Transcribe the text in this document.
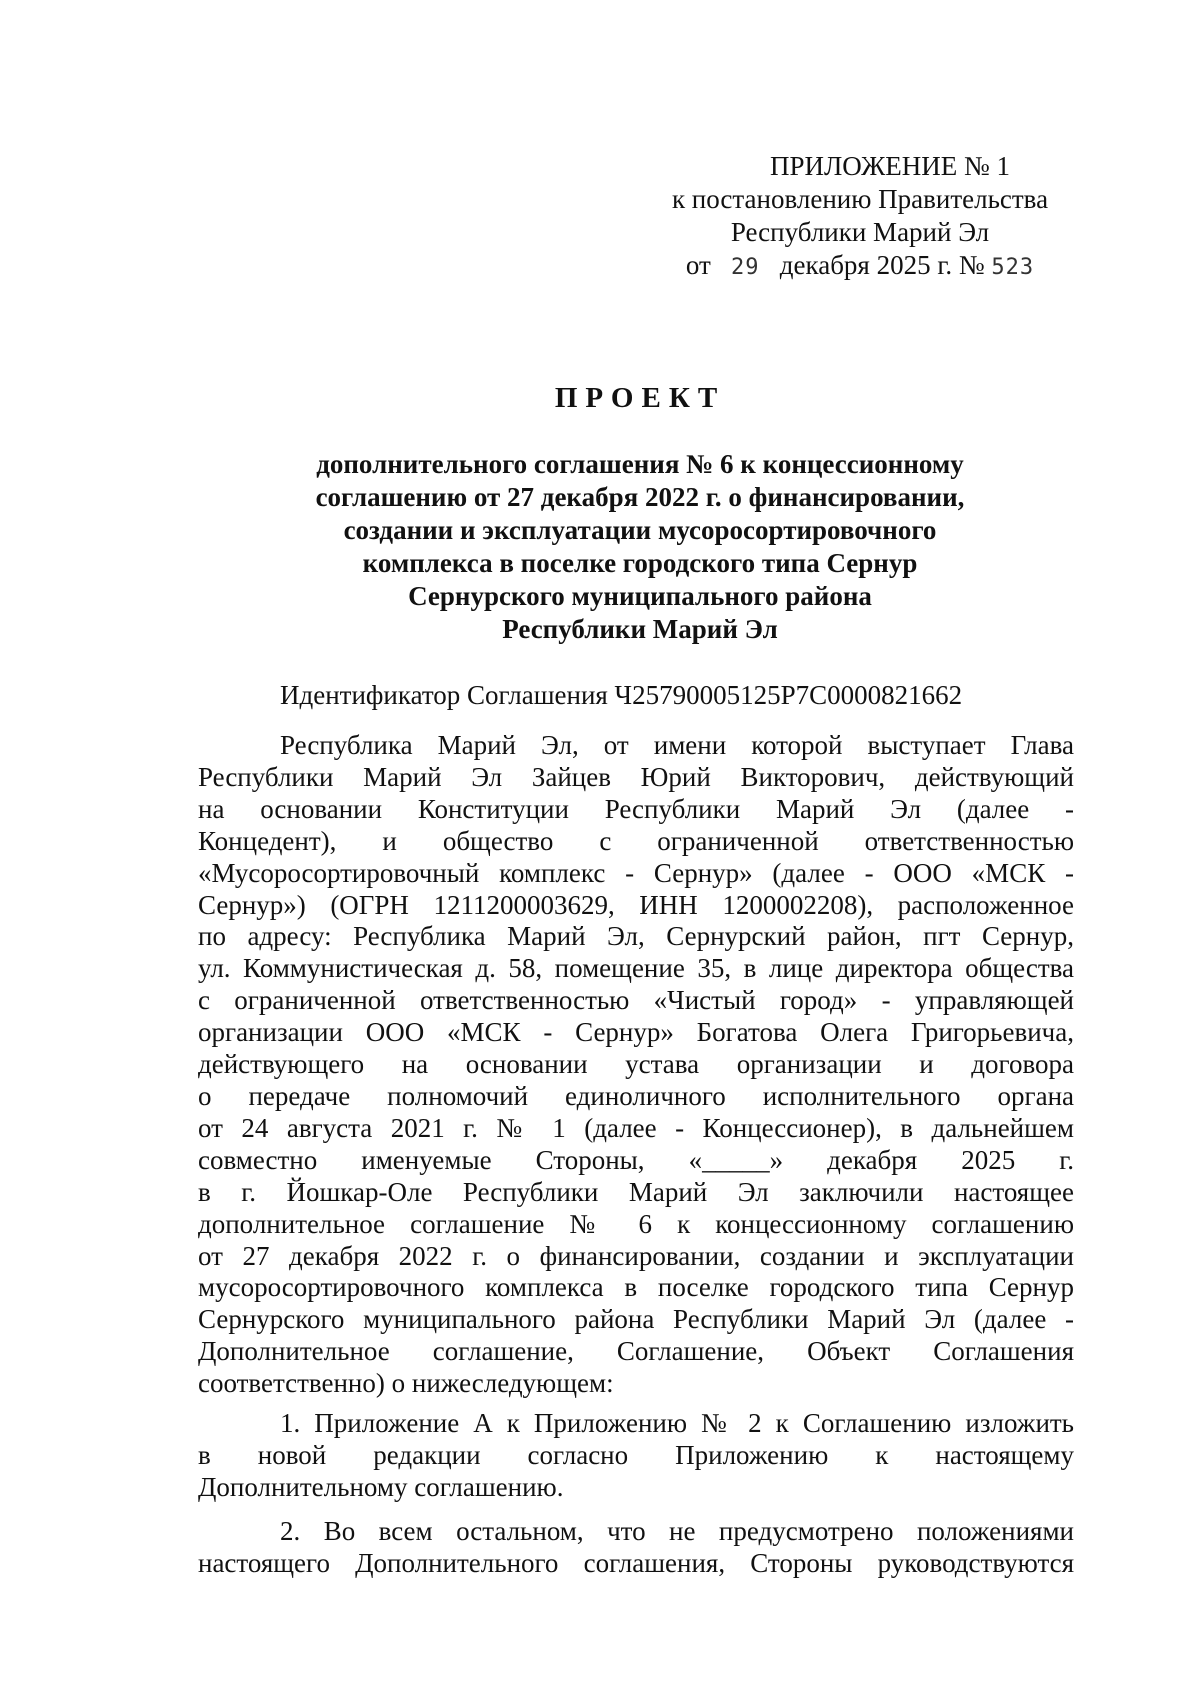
ПРИЛОЖЕНИЕ № 1
к постановлению Правительства
Республики Марий Эл
от 29 декабря 2025 г. № 523
ПРОЕКТ
дополнительного соглашения № 6 к концессионному
соглашению от 27 декабря 2022 г. о финансировании,
создании и эксплуатации мусоросортировочного
комплекса в поселке городского типа Сернур
Сернурского муниципального района
Республики Марий Эл
Идентификатор Соглашения Ч25790005125Р7С0000821662
Республика Марий Эл, от имени которой выступает Глава
Республики Марий Эл Зайцев Юрий Викторович, действующий
на основании Конституции Республики Марий Эл (далее -
Концедент), и общество с ограниченной ответственностью
«Мусоросортировочный комплекс - Сернур» (далее - ООО «МСК -
Сернур») (ОГРН 1211200003629, ИНН 1200002208), расположенное
по адресу: Республика Марий Эл, Сернурский район, пгт Сернур,
ул. Коммунистическая д. 58, помещение 35, в лице директора общества
с ограниченной ответственностью «Чистый город» - управляющей
организации ООО «МСК - Сернур» Богатова Олега Григорьевича,
действующего на основании устава организации и договора
о передаче полномочий единоличного исполнительного органа
от 24 августа 2021 г. № 1 (далее - Концессионер), в дальнейшем
совместно именуемые Стороны, «_____» декабря 2025 г.
в г. Йошкар-Оле Республики Марий Эл заключили настоящее
дополнительное соглашение № 6 к концессионному соглашению
от 27 декабря 2022 г. о финансировании, создании и эксплуатации
мусоросортировочного комплекса в поселке городского типа Сернур
Сернурского муниципального района Республики Марий Эл (далее -
Дополнительное соглашение, Соглашение, Объект Соглашения
соответственно) о нижеследующем:
1. Приложение А к Приложению № 2 к Соглашению изложить
в новой редакции согласно Приложению к настоящему
Дополнительному соглашению.
2. Во всем остальном, что не предусмотрено положениями
настоящего Дополнительного соглашения, Стороны руководствуются
